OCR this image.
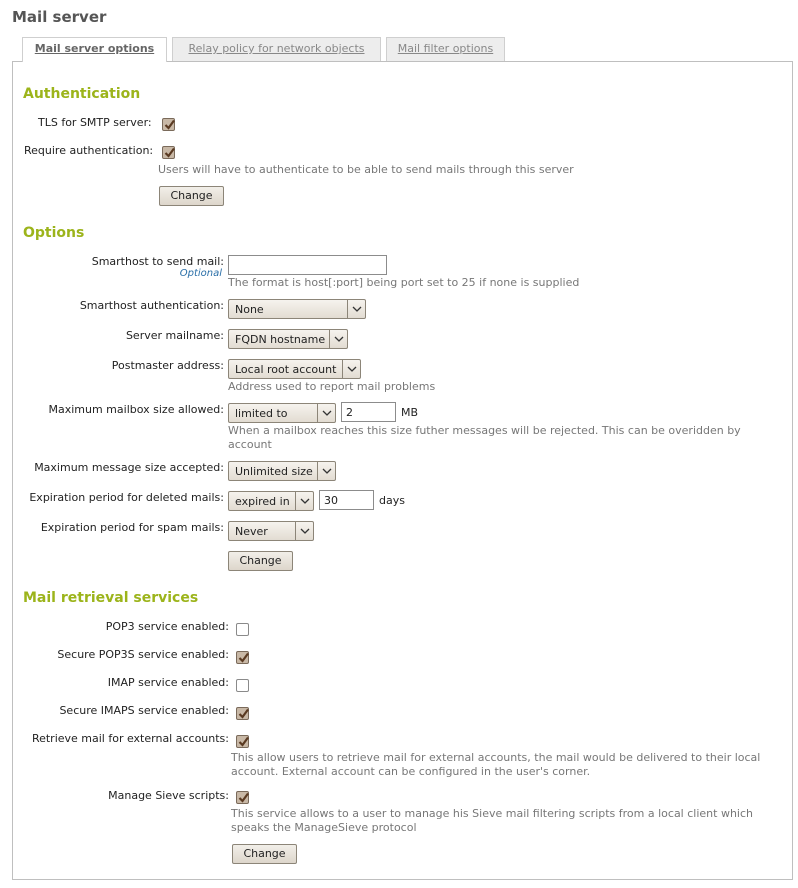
Mail server
Mail server options	Relay policy for network objects	Mail filter options
Authentication
TLS for SMTP server:
Require authentication:
Users will have to authenticate to be able to send mails through this server
Change
Options
Smarthost to send mail:
Optional
The format is host[:port] being port set to 25 if none is supplied
Smarthost authentication: None
Server mailname: FQDN hostname
Postmaster address: Local root account
Address used to report mail problems
Maximum mailbox size allowed: limited to
2	MB
When a mailbox reaches this size futher messages will be rejected. This can be overidden by account
Maximum message size accepted: Unlimited size
Expiration period for deleted mails: expired in
30	days
Expiration period for spam mails: Never
Change
Mail retrieval services
POP3 service enabled:
Secure POP3S service enabled:
IMAP service enabled:
Secure IMAPS service enabled:
Retrieve mail for external accounts:
This allow users to retrieve mail for external accounts, the mail would be delivered to their local account. External account can be configured in the user's corner.
Manage Sieve scripts:
This service allows to a user to manage his Sieve mail filtering scripts from a local client which speaks the ManageSieve protocol
Change
